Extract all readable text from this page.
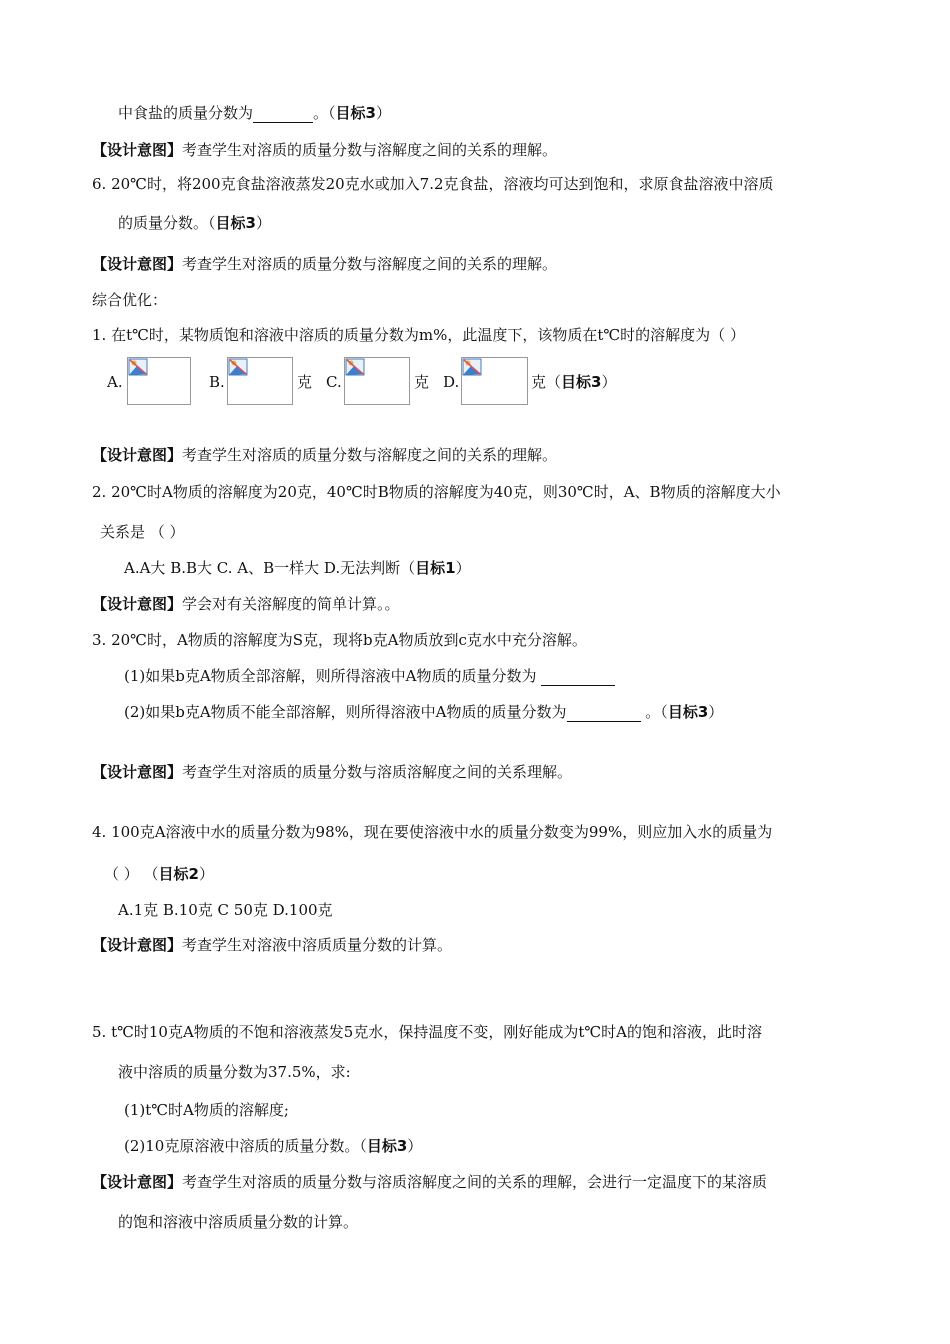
中食盐的质量分数为	。（目标3）
【设计意图】考查学生对溶质的质量分数与溶解度之间的关系的理解。
6. 20℃时，将200克食盐溶液蒸发20克水或加入7.2克食盐，溶液均可达到饱和，求原食盐溶液中溶质
的质量分数。（目标3）
【设计意图】考查学生对溶质的质量分数与溶解度之间的关系的理解。
综合优化：
1. 在t℃时，某物质饱和溶液中溶质的质量分数为m%，此温度下，该物质在t℃时的溶解度为（ ）
A.	B.	克 C.	克 D.	克（目标3）
【设计意图】考查学生对溶质的质量分数与溶解度之间的关系的理解。
2. 20℃时A物质的溶解度为20克，40℃时B物质的溶解度为40克，则30℃时，A、B物质的溶解度大小
关系是 （ ）
A.A大 B.B大 C. A、B一样大 D.无法判断（目标1）
【设计意图】学会对有关溶解度的简单计算。。
3. 20℃时，A物质的溶解度为S克，现将b克A物质放到c克水中充分溶解。
(1)如果b克A物质全部溶解，则所得溶液中A物质的质量分数为
(2)如果b克A物质不能全部溶解，则所得溶液中A物质的质量分数为	。（目标3）
【设计意图】考查学生对溶质的质量分数与溶质溶解度之间的关系理解。
4. 100克A溶液中水的质量分数为98%，现在要使溶液中水的质量分数变为99%，则应加入水的质量为
（ ） （目标2）
A.1克 B.10克 C 50克 D.100克
【设计意图】考查学生对溶液中溶质质量分数的计算。
5. t℃时10克A物质的不饱和溶液蒸发5克水，保持温度不变，刚好能成为t℃时A的饱和溶液，此时溶
液中溶质的质量分数为37.5%，求:
(1)t℃时A物质的溶解度;
(2)10克原溶液中溶质的质量分数。（目标3）
【设计意图】考查学生对溶质的质量分数与溶质溶解度之间的关系的理解，会进行一定温度下的某溶质
的饱和溶液中溶质质量分数的计算。
